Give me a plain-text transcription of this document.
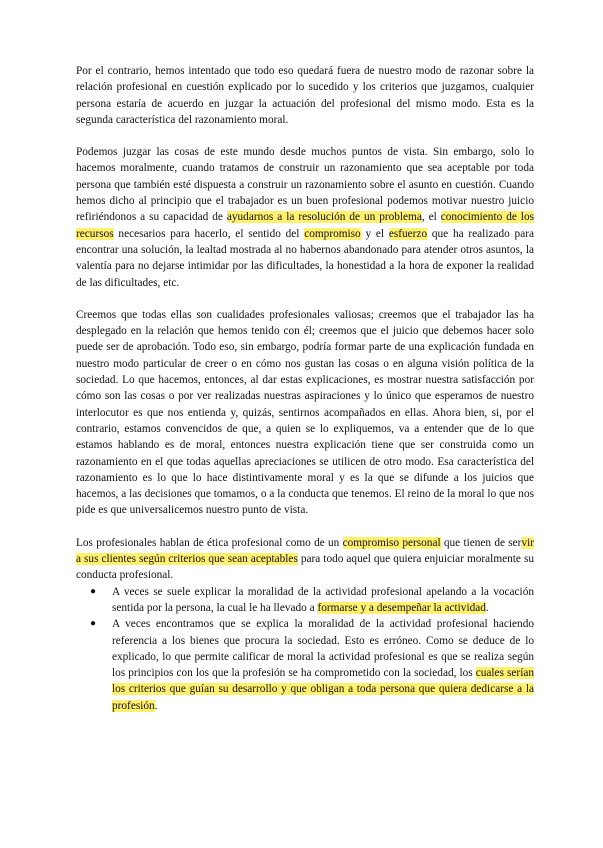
Por el contrario, hemos intentado que todo eso quedará fuera de nuestro modo de razonar sobre la relación profesional en cuestión explicado por lo sucedido y los criterios que juzgamos, cualquier persona estaría de acuerdo en juzgar la actuación del profesional del mismo modo. Esta es la segunda característica del razonamiento moral.

Podemos juzgar las cosas de este mundo desde muchos puntos de vista. Sin embargo, solo lo hacemos moralmente, cuando tratamos de construir un razonamiento que sea aceptable por toda persona que también esté dispuesta a construir un razonamiento sobre el asunto en cuestión. Cuando hemos dicho al principio que el trabajador es un buen profesional podemos motivar nuestro juicio refiriéndonos a su capacidad de ayudarnos a la resolución de un problema, el conocimiento de los recursos necesarios para hacerlo, el sentido del compromiso y el esfuerzo que ha realizado para encontrar una solución, la lealtad mostrada al no habernos abandonado para atender otros asuntos, la valentía para no dejarse intimidar por las dificultades, la honestidad a la hora de exponer la realidad de las dificultades, etc.

Creemos que todas ellas son cualidades profesionales valiosas; creemos que el trabajador las ha desplegado en la relación que hemos tenido con él; creemos que el juicio que debemos hacer solo puede ser de aprobación. Todo eso, sin embargo, podría formar parte de una explicación fundada en nuestro modo particular de creer o en cómo nos gustan las cosas o en alguna visión política de la sociedad. Lo que hacemos, entonces, al dar estas explicaciones, es mostrar nuestra satisfacción por cómo son las cosas o por ver realizadas nuestras aspiraciones y lo único que esperamos de nuestro interlocutor es que nos entienda y, quizás, sentirnos acompañados en ellas. Ahora bien, si, por el contrario, estamos convencidos de que, a quien se lo expliquemos, va a entender que de lo que estamos hablando es de moral, entonces nuestra explicación tiene que ser construida como un razonamiento en el que todas aquellas apreciaciones se utilicen de otro modo. Esa característica del razonamiento es lo que lo hace distintivamente moral y es la que se difunde a los juicios que hacemos, a las decisiones que tomamos, o a la conducta que tenemos. El reino de la moral lo que nos pide es que universalicemos nuestro punto de vista.

Los profesionales hablan de ética profesional como de un compromiso personal que tienen de servir a sus clientes según criterios que sean aceptables para todo aquel que quiera enjuiciar moralmente su conducta profesional.

● A veces se suele explicar la moralidad de la actividad profesional apelando a la vocación sentida por la persona, la cual le ha llevado a formarse y a desempeñar la actividad.

● A veces encontramos que se explica la moralidad de la actividad profesional haciendo referencia a los bienes que procura la sociedad. Esto es erróneo. Como se deduce de lo explicado, lo que permite calificar de moral la actividad profesional es que se realiza según los principios con los que la profesión se ha comprometido con la sociedad, los cuales serían los criterios que guían su desarrollo y que obligan a toda persona que quiera dedicarse a la profesión.
